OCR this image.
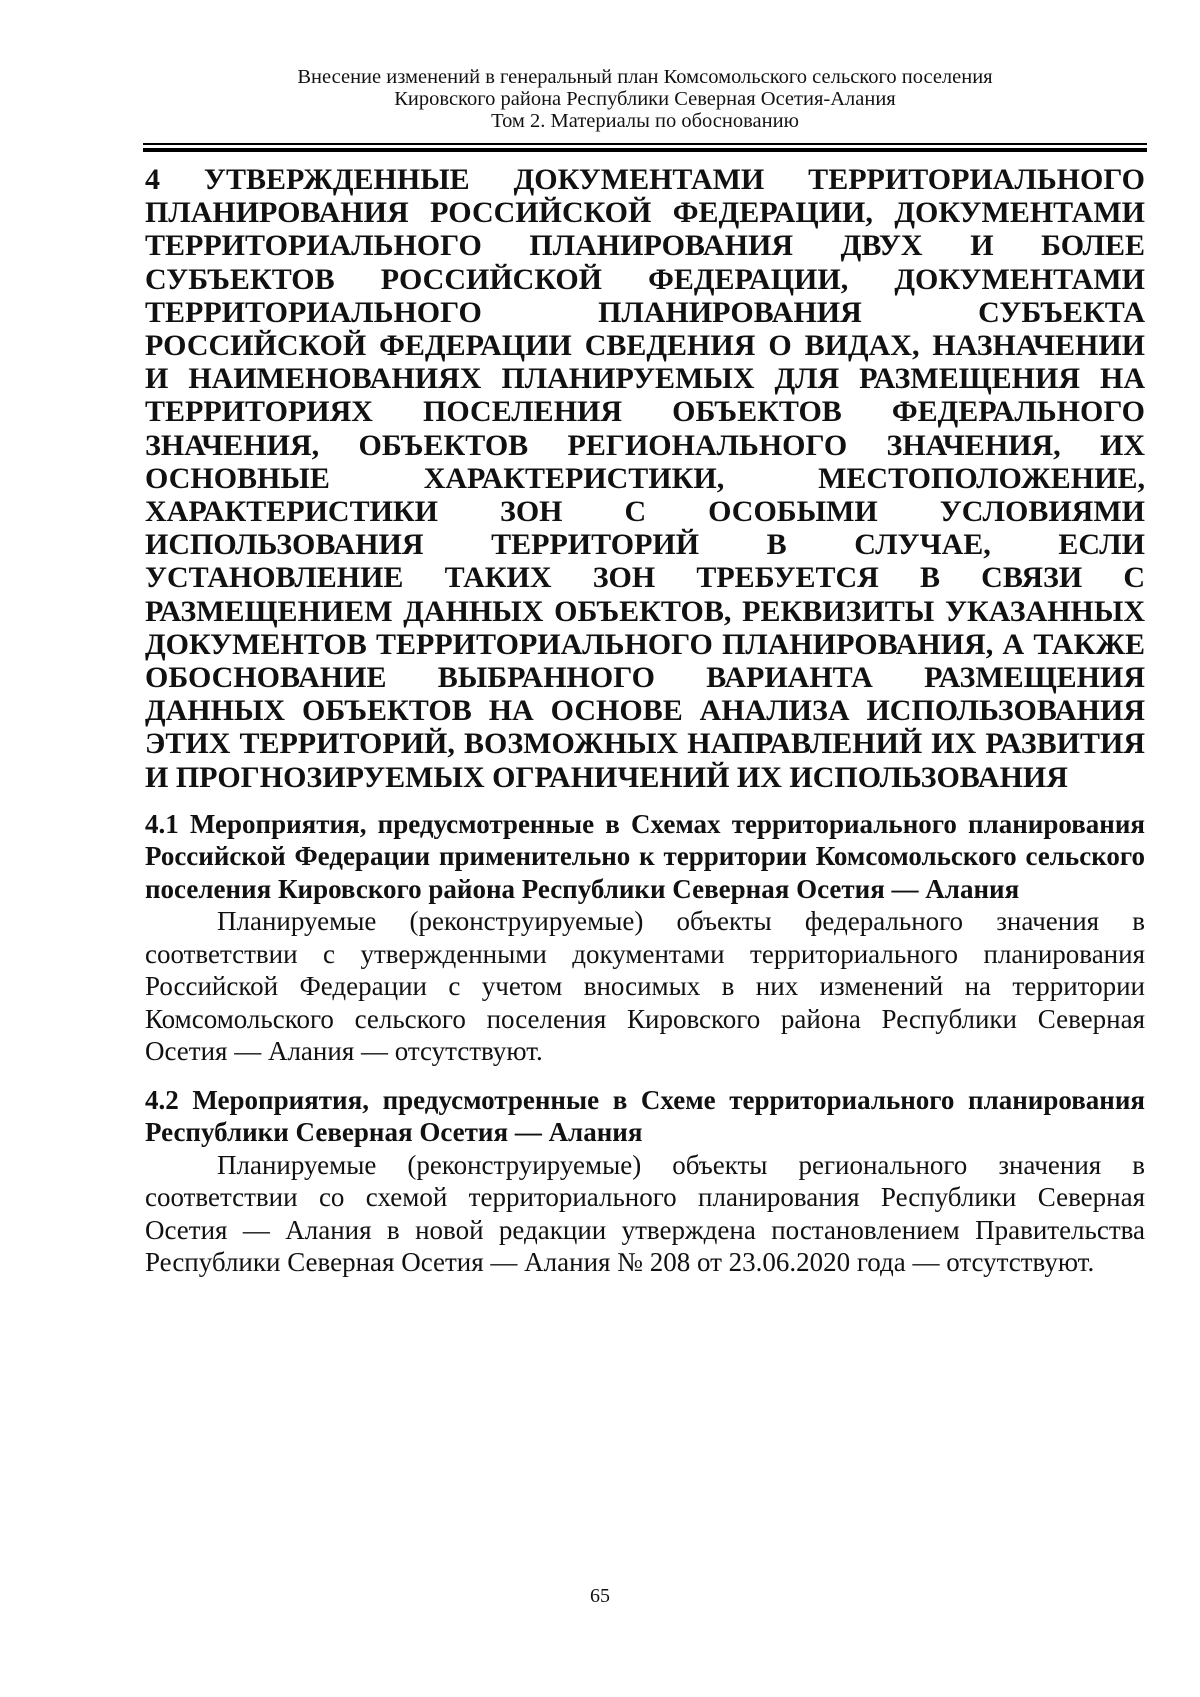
Внесение изменений в генеральный план Комсомольского сельского поселения
Кировского района Республики Северная Осетия-Алания
Том 2. Материалы по обоснованию

4 УТВЕРЖДЕННЫЕ ДОКУМЕНТАМИ ТЕРРИТОРИАЛЬНОГО ПЛАНИРОВАНИЯ РОССИЙСКОЙ ФЕДЕРАЦИИ, ДОКУМЕНТАМИ ТЕРРИТОРИАЛЬНОГО ПЛАНИРОВАНИЯ ДВУХ И БОЛЕЕ СУБЪЕКТОВ РОССИЙСКОЙ ФЕДЕРАЦИИ, ДОКУМЕНТАМИ ТЕРРИТОРИАЛЬНОГО ПЛАНИРОВАНИЯ СУБЪЕКТА РОССИЙСКОЙ ФЕДЕРАЦИИ СВЕДЕНИЯ О ВИДАХ, НАЗНАЧЕНИИ И НАИМЕНОВАНИЯХ ПЛАНИРУЕМЫХ ДЛЯ РАЗМЕЩЕНИЯ НА ТЕРРИТОРИЯХ ПОСЕЛЕНИЯ ОБЪЕКТОВ ФЕДЕРАЛЬНОГО ЗНАЧЕНИЯ, ОБЪЕКТОВ РЕГИОНАЛЬНОГО ЗНАЧЕНИЯ, ИХ ОСНОВНЫЕ ХАРАКТЕРИСТИКИ, МЕСТОПОЛОЖЕНИЕ, ХАРАКТЕРИСТИКИ ЗОН С ОСОБЫМИ УСЛОВИЯМИ ИСПОЛЬЗОВАНИЯ ТЕРРИТОРИЙ В СЛУЧАЕ, ЕСЛИ УСТАНОВЛЕНИЕ ТАКИХ ЗОН ТРЕБУЕТСЯ В СВЯЗИ С РАЗМЕЩЕНИЕМ ДАННЫХ ОБЪЕКТОВ, РЕКВИЗИТЫ УКАЗАННЫХ ДОКУМЕНТОВ ТЕРРИТОРИАЛЬНОГО ПЛАНИРОВАНИЯ, А ТАКЖЕ ОБОСНОВАНИЕ ВЫБРАННОГО ВАРИАНТА РАЗМЕЩЕНИЯ ДАННЫХ ОБЪЕКТОВ НА ОСНОВЕ АНАЛИЗА ИСПОЛЬЗОВАНИЯ ЭТИХ ТЕРРИТОРИЙ, ВОЗМОЖНЫХ НАПРАВЛЕНИЙ ИХ РАЗВИТИЯ И ПРОГНОЗИРУЕМЫХ ОГРАНИЧЕНИЙ ИХ ИСПОЛЬЗОВАНИЯ

4.1 Мероприятия, предусмотренные в Схемах территориального планирования Российской Федерации применительно к территории Комсомольского сельского поселения Кировского района Республики Северная Осетия — Алания

Планируемые (реконструируемые) объекты федерального значения в соответствии с утвержденными документами территориального планирования Российской Федерации с учетом вносимых в них изменений на территории Комсомольского сельского поселения Кировского района Республики Северная Осетия — Алания — отсутствуют.

4.2 Мероприятия, предусмотренные в Схеме территориального планирования Республики Северная Осетия — Алания

Планируемые (реконструируемые) объекты регионального значения в соответствии со схемой территориального планирования Республики Северная Осетия — Алания в новой редакции утверждена постановлением Правительства Республики Северная Осетия — Алания № 208 от 23.06.2020 года — отсутствуют.

65
